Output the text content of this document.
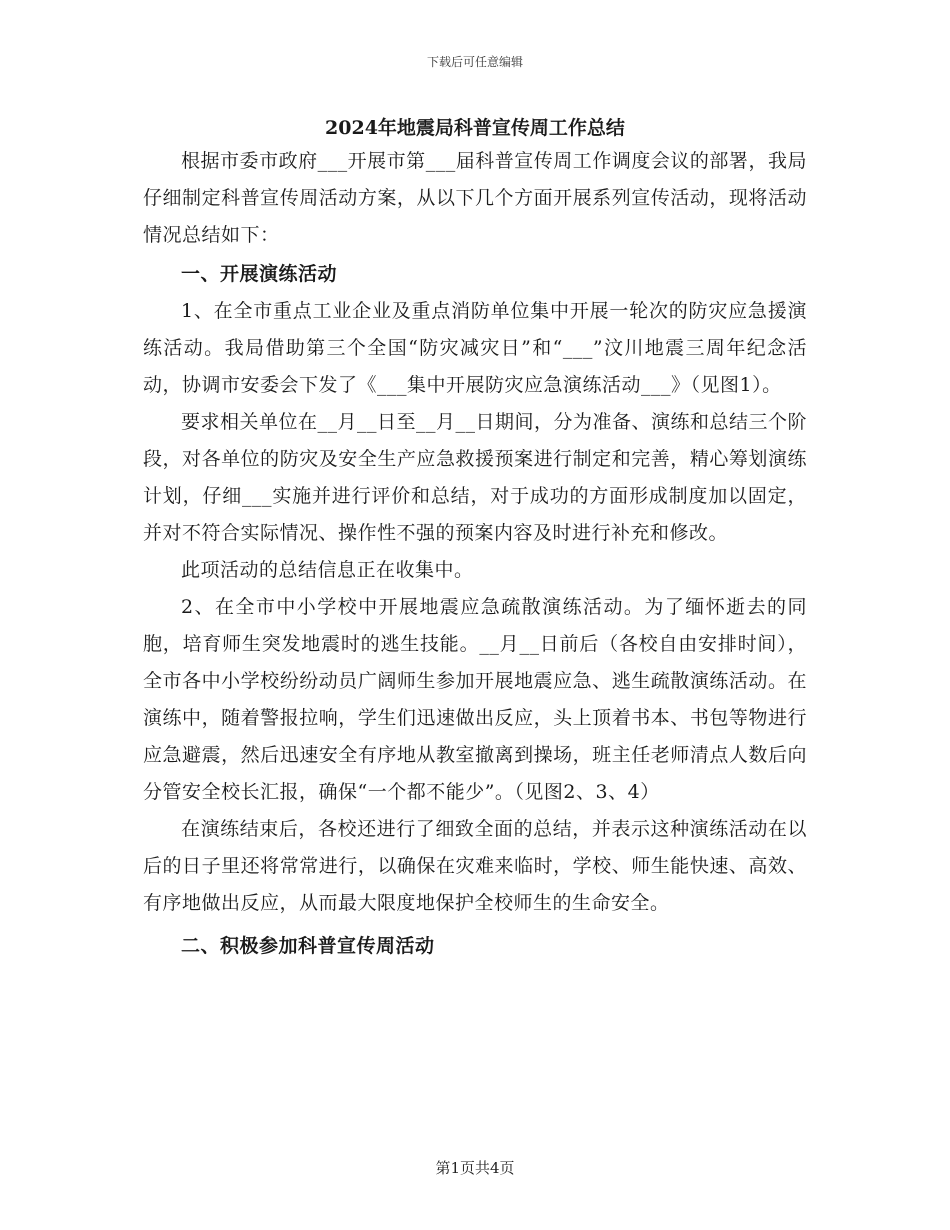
下载后可任意编辑
2024年地震局科普宣传周工作总结

根据市委市政府___开展市第___届科普宣传周工作调度会议的部署，我局仔细制定科普宣传周活动方案，从以下几个方面开展系列宣传活动，现将活动情况总结如下：

一、开展演练活动

1、在全市重点工业企业及重点消防单位集中开展一轮次的防灾应急援演练活动。我局借助第三个全国“防灾减灾日”和“___”汶川地震三周年纪念活动，协调市安委会下发了《___集中开展防灾应急演练活动___》（见图1）。

要求相关单位在__月__日至__月__日期间，分为准备、演练和总结三个阶段，对各单位的防灾及安全生产应急救援预案进行制定和完善，精心筹划演练计划，仔细___实施并进行评价和总结，对于成功的方面形成制度加以固定，并对不符合实际情况、操作性不强的预案内容及时进行补充和修改。

此项活动的总结信息正在收集中。

2、在全市中小学校中开展地震应急疏散演练活动。为了缅怀逝去的同胞，培育师生突发地震时的逃生技能。__月__日前后（各校自由安排时间），全市各中小学校纷纷动员广阔师生参加开展地震应急、逃生疏散演练活动。在演练中，随着警报拉响，学生们迅速做出反应，头上顶着书本、书包等物进行应急避震，然后迅速安全有序地从教室撤离到操场，班主任老师清点人数后向分管安全校长汇报，确保“一个都不能少”。（见图2、3、4）

在演练结束后，各校还进行了细致全面的总结，并表示这种演练活动在以后的日子里还将常常进行，以确保在灾难来临时，学校、师生能快速、高效、有序地做出反应，从而最大限度地保护全校师生的生命安全。

二、积极参加科普宣传周活动

第1页共4页
